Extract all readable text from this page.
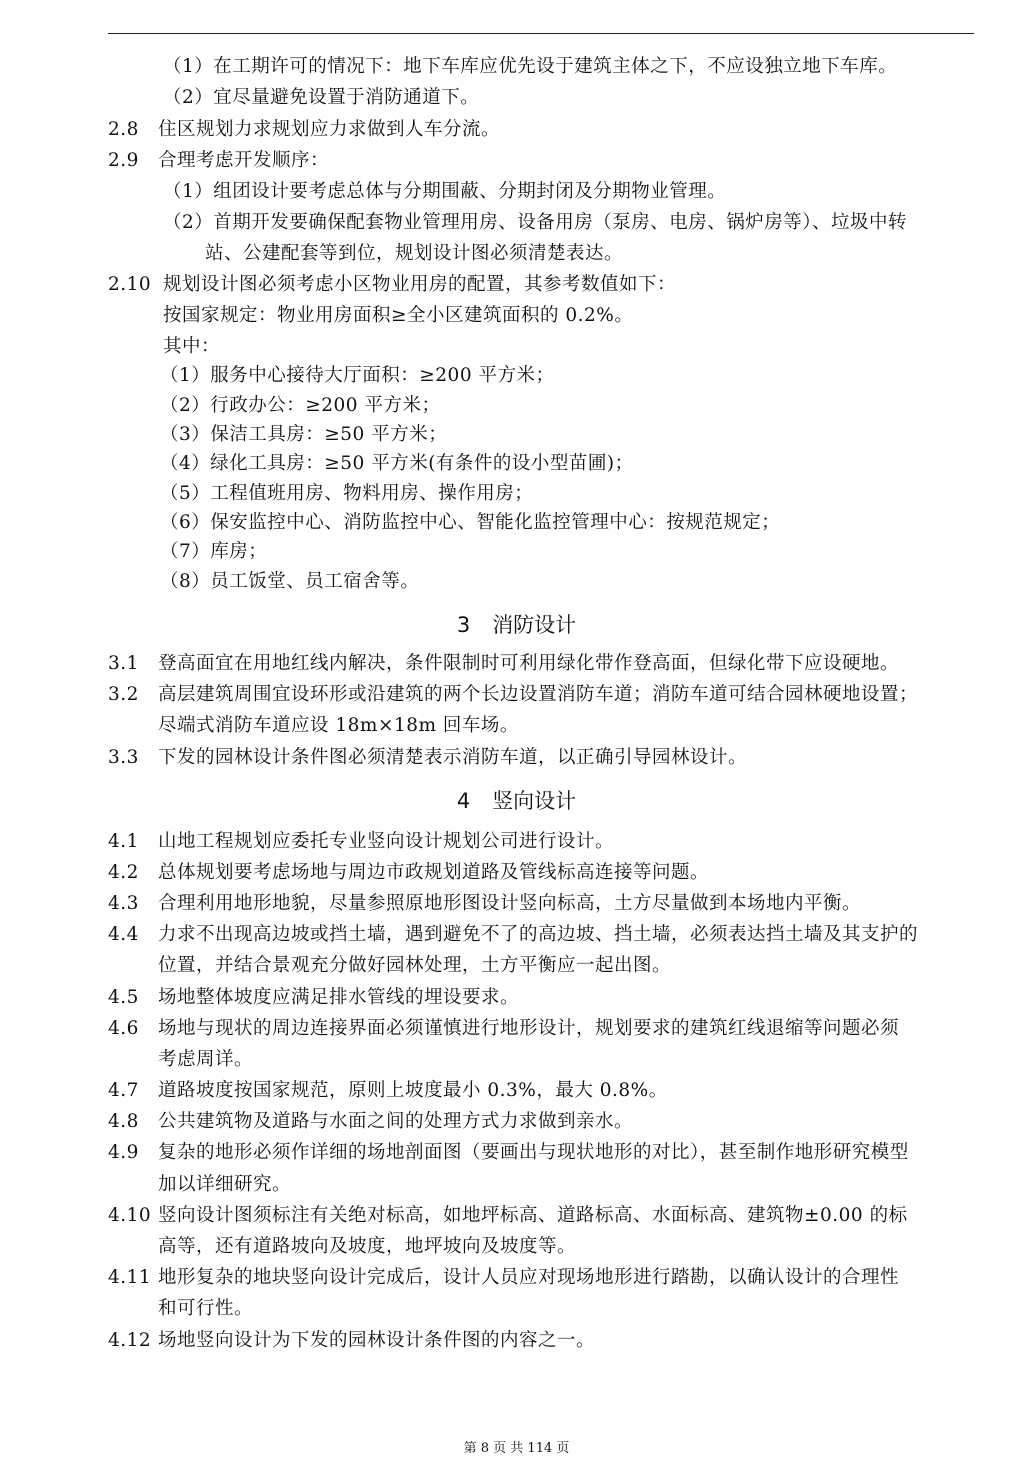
（1）在工期许可的情况下：地下车库应优先设于建筑主体之下，不应设独立地下车库。
（2）宜尽量避免设置于消防通道下。
2.8 住区规划力求规划应力求做到人车分流。
2.9 合理考虑开发顺序：
（1）组团设计要考虑总体与分期围蔽、分期封闭及分期物业管理。
（2）首期开发要确保配套物业管理用房、设备用房（泵房、电房、锅炉房等）、垃圾中转
站、公建配套等到位，规划设计图必须清楚表达。
2.10 规划设计图必须考虑小区物业用房的配置，其参考数值如下：
按国家规定：物业用房面积≥全小区建筑面积的 0.2%。
其中：
（1）服务中心接待大厅面积：≥200 平方米；
（2）行政办公：≥200 平方米；
（3）保洁工具房：≥50 平方米；
（4）绿化工具房：≥50 平方米(有条件的设小型苗圃)；
（5）工程值班用房、物料用房、操作用房；
（6）保安监控中心、消防监控中心、智能化监控管理中心：按规范规定；
（7）库房；
（8）员工饭堂、员工宿舍等。
3 消防设计
3.1 登高面宜在用地红线内解决，条件限制时可利用绿化带作登高面，但绿化带下应设硬地。
3.2 高层建筑周围宜设环形或沿建筑的两个长边设置消防车道；消防车道可结合园林硬地设置；
尽端式消防车道应设 18m×18m 回车场。
3.3 下发的园林设计条件图必须清楚表示消防车道，以正确引导园林设计。
4 竖向设计
4.1 山地工程规划应委托专业竖向设计规划公司进行设计。
4.2 总体规划要考虑场地与周边市政规划道路及管线标高连接等问题。
4.3 合理利用地形地貌，尽量参照原地形图设计竖向标高，土方尽量做到本场地内平衡。
4.4 力求不出现高边坡或挡土墙，遇到避免不了的高边坡、挡土墙，必须表达挡土墙及其支护的
位置，并结合景观充分做好园林处理，土方平衡应一起出图。
4.5 场地整体坡度应满足排水管线的埋设要求。
4.6 场地与现状的周边连接界面必须谨慎进行地形设计，规划要求的建筑红线退缩等问题必须
考虑周详。
4.7 道路坡度按国家规范，原则上坡度最小 0.3%，最大 0.8%。
4.8 公共建筑物及道路与水面之间的处理方式力求做到亲水。
4.9 复杂的地形必须作详细的场地剖面图（要画出与现状地形的对比），甚至制作地形研究模型
加以详细研究。
4.10 竖向设计图须标注有关绝对标高，如地坪标高、道路标高、水面标高、建筑物±0.00 的标
高等，还有道路坡向及坡度，地坪坡向及坡度等。
4.11 地形复杂的地块竖向设计完成后，设计人员应对现场地形进行踏勘，以确认设计的合理性
和可行性。
4.12 场地竖向设计为下发的园林设计条件图的内容之一。
第 8 页 共 114 页
